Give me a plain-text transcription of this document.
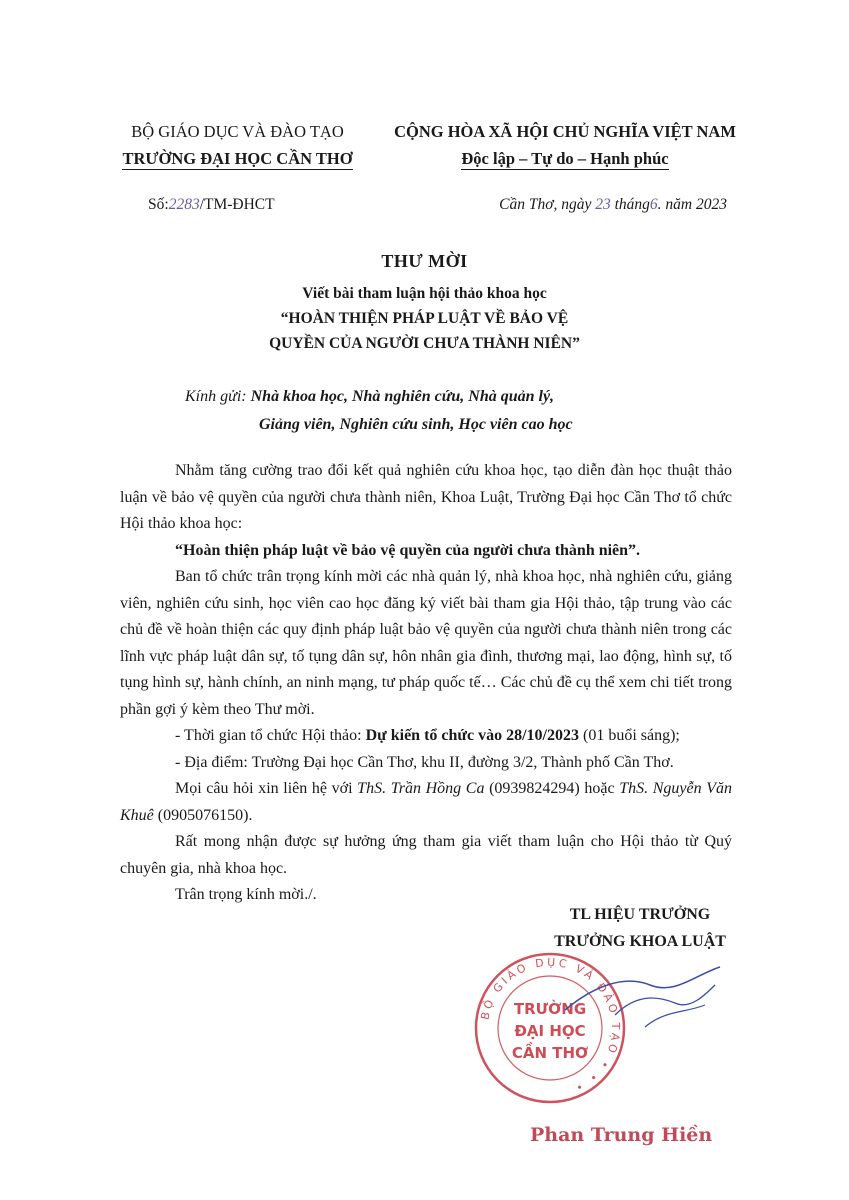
BỘ GIÁO DỤC VÀ ĐÀO TẠO
TRƯỜNG ĐẠI HỌC CẦN THƠ
CỘNG HÒA XÃ HỘI CHỦ NGHĨA VIỆT NAM
Độc lập – Tự do – Hạnh phúc
Số:2283/TM-ĐHCT	Cần Thơ, ngày 23 tháng6. năm 2023
THƯ MỜI
Viết bài tham luận hội thảo khoa học
“HOÀN THIỆN PHÁP LUẬT VỀ BẢO VỆ
QUYỀN CỦA NGƯỜI CHƯA THÀNH NIÊN”
Kính gửi: Nhà khoa học, Nhà nghiên cứu, Nhà quản lý,
Giảng viên, Nghiên cứu sinh, Học viên cao học

Nhằm tăng cường trao đổi kết quả nghiên cứu khoa học, tạo diễn đàn học thuật thảo luận về bảo vệ quyền của người chưa thành niên, Khoa Luật, Trường Đại học Cần Thơ tổ chức Hội thảo khoa học:

“Hoàn thiện pháp luật về bảo vệ quyền của người chưa thành niên”.

Ban tổ chức trân trọng kính mời các nhà quản lý, nhà khoa học, nhà nghiên cứu, giảng viên, nghiên cứu sinh, học viên cao học đăng ký viết bài tham gia Hội thảo, tập trung vào các chủ đề về hoàn thiện các quy định pháp luật bảo vệ quyền của người chưa thành niên trong các lĩnh vực pháp luật dân sự, tố tụng dân sự, hôn nhân gia đình, thương mại, lao động, hình sự, tố tụng hình sự, hành chính, an ninh mạng, tư pháp quốc tế… Các chủ đề cụ thể xem chi tiết trong phần gợi ý kèm theo Thư mời.

- Thời gian tổ chức Hội thảo: Dự kiến tổ chức vào 28/10/2023 (01 buổi sáng);

- Địa điểm: Trường Đại học Cần Thơ, khu II, đường 3/2, Thành phố Cần Thơ.

Mọi câu hỏi xin liên hệ với ThS. Trần Hồng Ca (0939824294) hoặc ThS. Nguyễn Văn Khuê (0905076150).

Rất mong nhận được sự hưởng ứng tham gia viết tham luận cho Hội thảo từ Quý chuyên gia, nhà khoa học.

Trân trọng kính mời./.

TL HIỆU TRƯỞNG
TRƯỞNG KHOA LUẬT
BỘ GIÁO DỤC VÀ ĐÀO TẠO • • •
TRƯỜNG
ĐẠI HỌC
CẦN THƠ
Phan Trung Hiền
